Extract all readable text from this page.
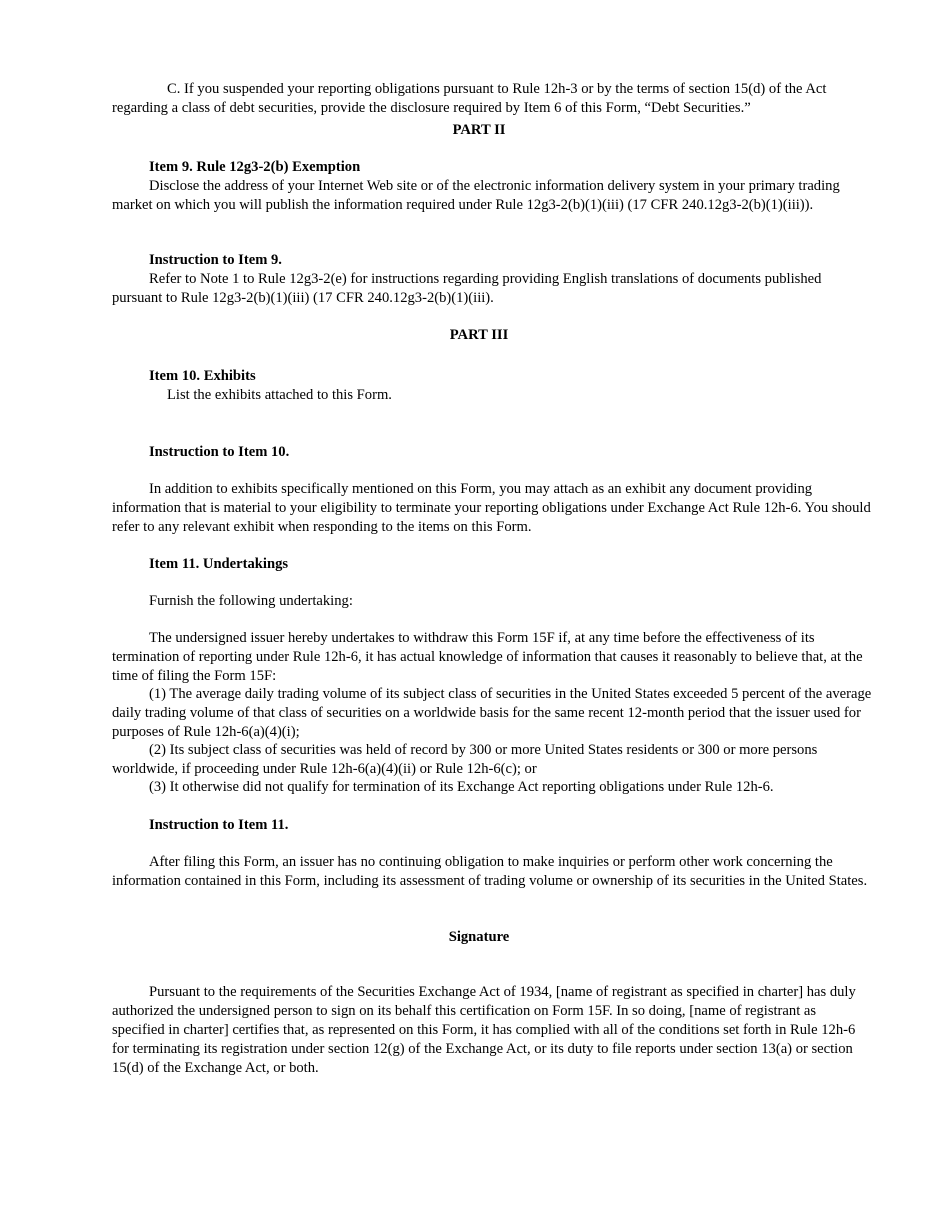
C. If you suspended your reporting obligations pursuant to Rule 12h-3 or by the terms of section 15(d) of the Act regarding a class of debt securities, provide the disclosure required by Item 6 of this Form, “Debt Securities.”

PART II

Item 9. Rule 12g3-2(b) Exemption

Disclose the address of your Internet Web site or of the electronic information delivery system in your primary trading market on which you will publish the information required under Rule 12g3-2(b)(1)(iii) (17 CFR 240.12g3-2(b)(1)(iii)).

Instruction to Item 9.

Refer to Note 1 to Rule 12g3-2(e) for instructions regarding providing English translations of documents published pursuant to Rule 12g3-2(b)(1)(iii) (17 CFR 240.12g3-2(b)(1)(iii).

PART III

Item 10. Exhibits

List the exhibits attached to this Form.

Instruction to Item 10.

In addition to exhibits specifically mentioned on this Form, you may attach as an exhibit any document providing information that is material to your eligibility to terminate your reporting obligations under Exchange Act Rule 12h-6. You should refer to any relevant exhibit when responding to the items on this Form.

Item 11. Undertakings

Furnish the following undertaking:

The undersigned issuer hereby undertakes to withdraw this Form 15F if, at any time before the effectiveness of its termination of reporting under Rule 12h-6, it has actual knowledge of information that causes it reasonably to believe that, at the time of filing the Form 15F:

(1) The average daily trading volume of its subject class of securities in the United States exceeded 5 percent of the average daily trading volume of that class of securities on a worldwide basis for the same recent 12-month period that the issuer used for purposes of Rule 12h-6(a)(4)(i);

(2) Its subject class of securities was held of record by 300 or more United States residents or 300 or more persons worldwide, if proceeding under Rule 12h-6(a)(4)(ii) or Rule 12h-6(c); or

(3) It otherwise did not qualify for termination of its Exchange Act reporting obligations under Rule 12h-6.

Instruction to Item 11.

After filing this Form, an issuer has no continuing obligation to make inquiries or perform other work concerning the information contained in this Form, including its assessment of trading volume or ownership of its securities in the United States.

Signature

Pursuant to the requirements of the Securities Exchange Act of 1934, [name of registrant as specified in charter] has duly authorized the undersigned person to sign on its behalf this certification on Form 15F. In so doing, [name of registrant as specified in charter] certifies that, as represented on this Form, it has complied with all of the conditions set forth in Rule 12h-6 for terminating its registration under section 12(g) of the Exchange Act, or its duty to file reports under section 13(a) or section 15(d) of the Exchange Act, or both.
